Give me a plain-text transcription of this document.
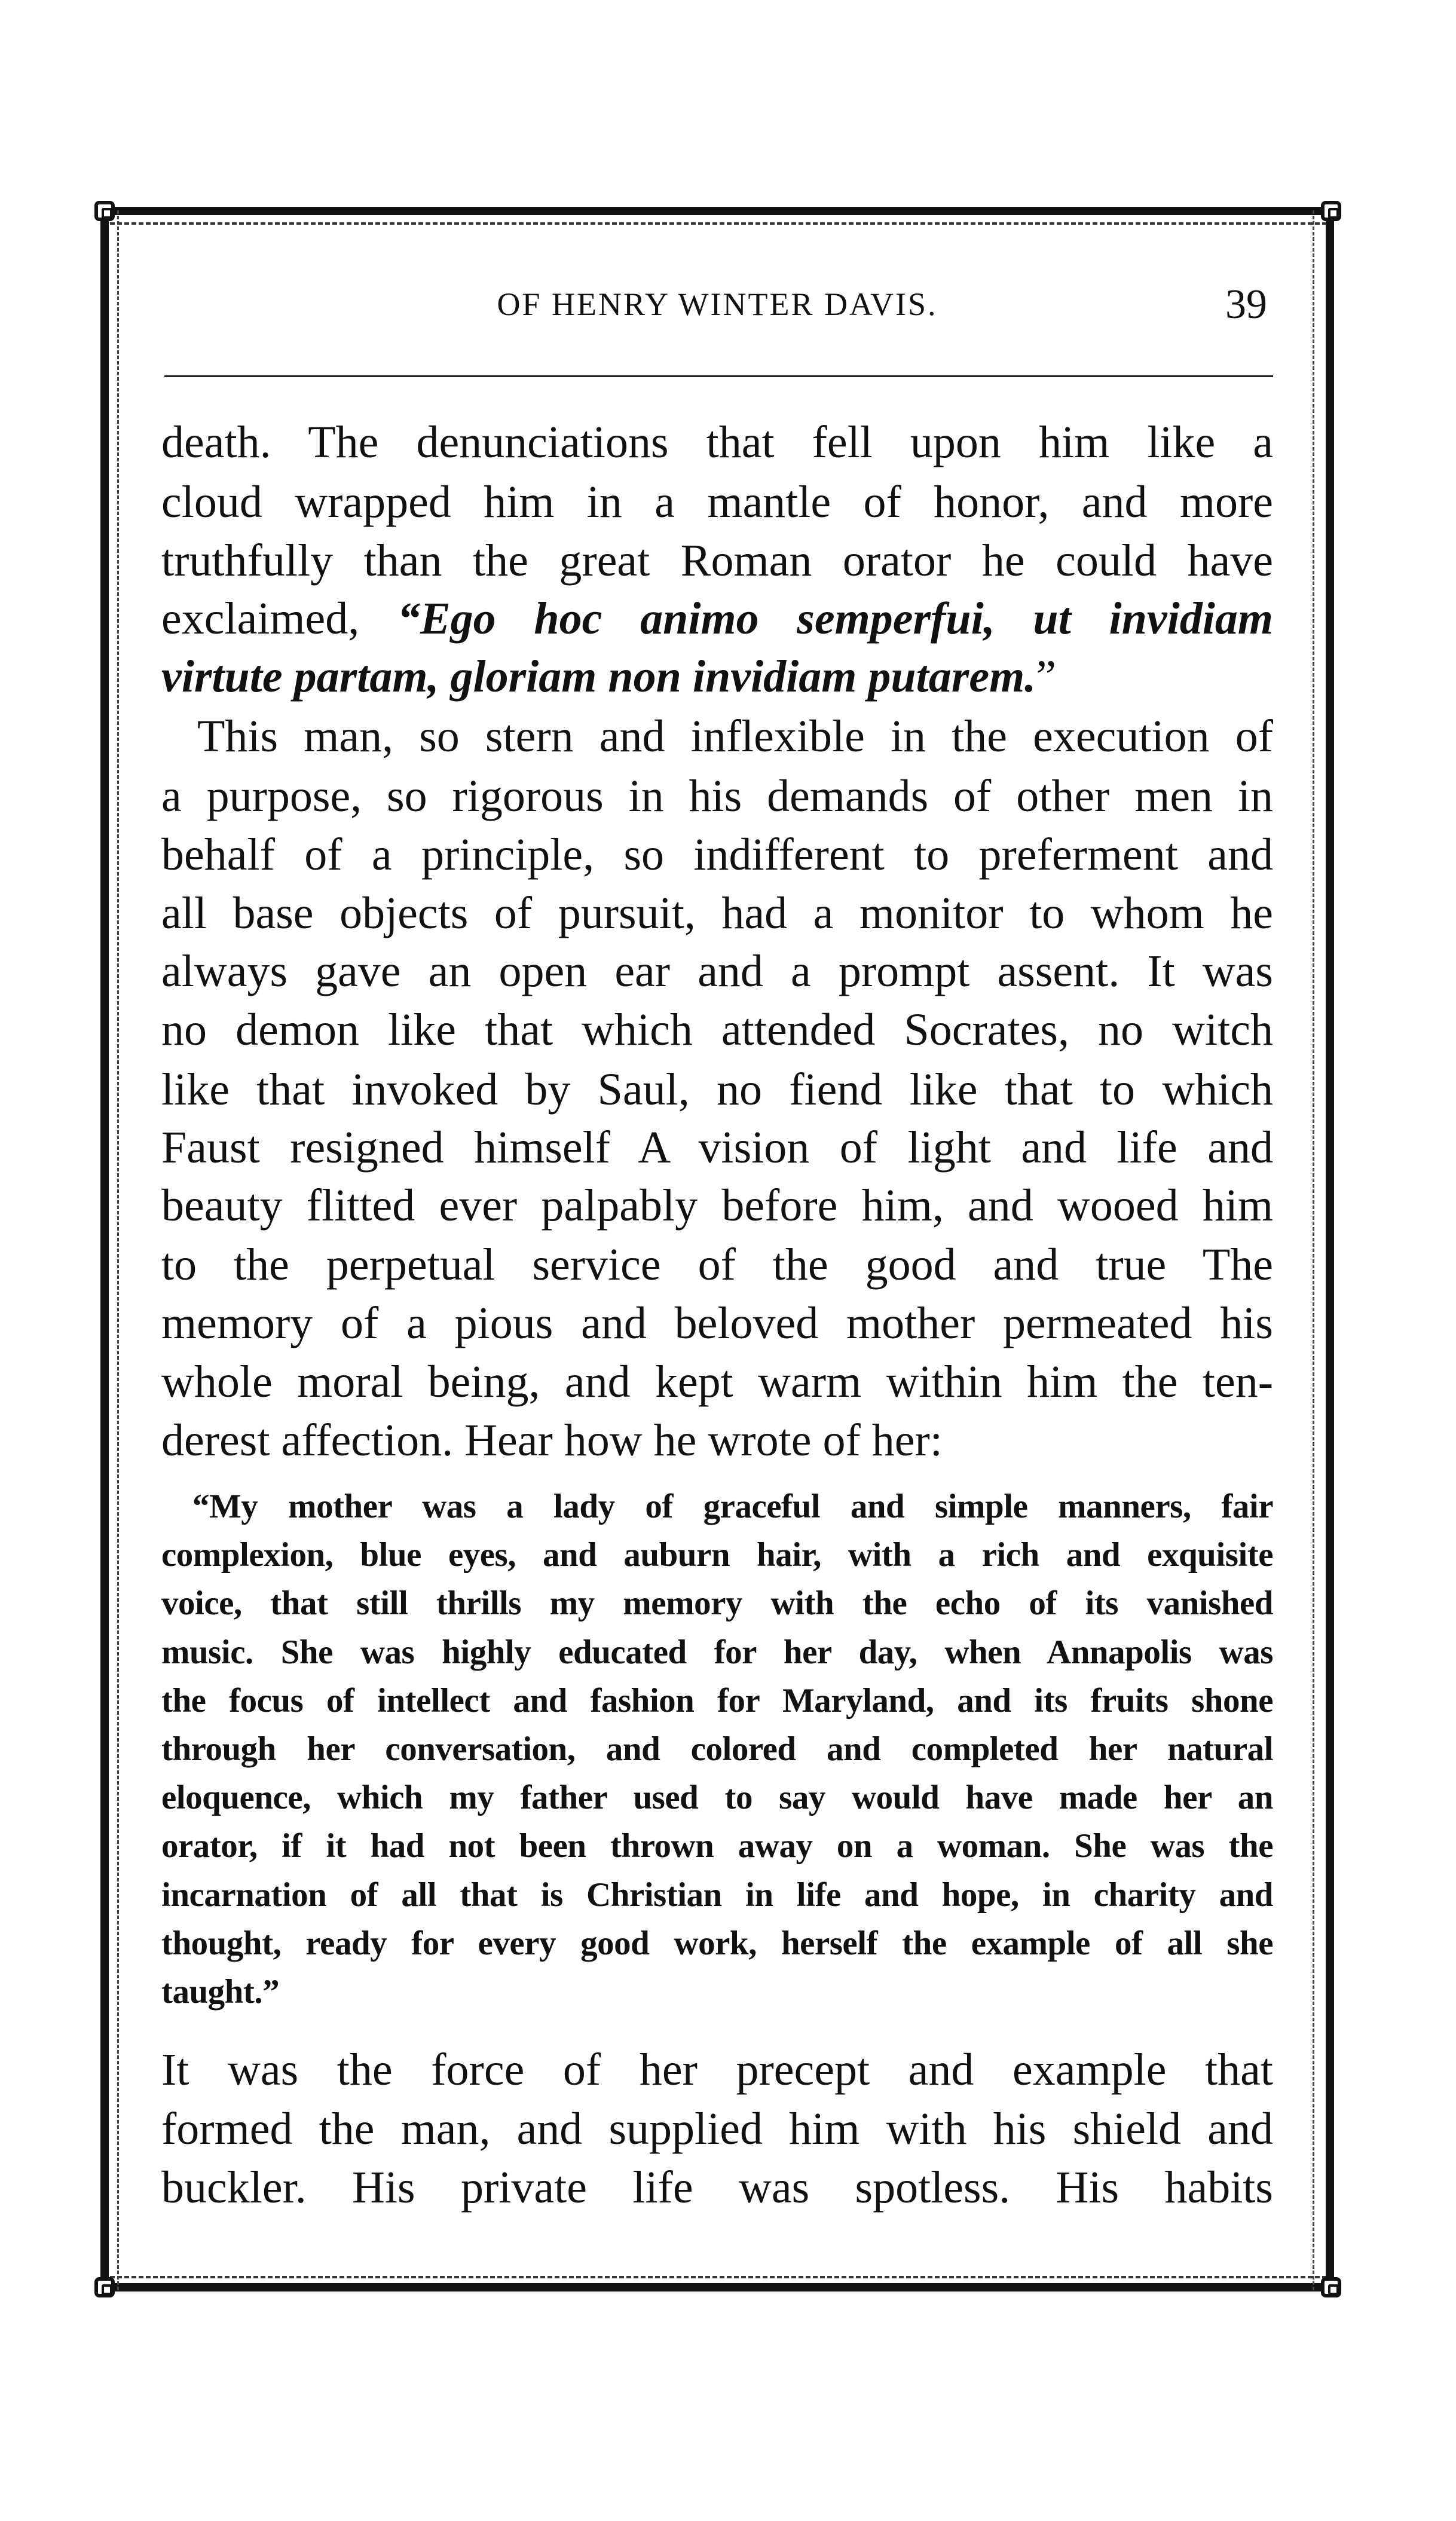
OF HENRY WINTER DAVIS.	39
death. The denunciations that fell upon him like a
cloud wrapped him in a mantle of honor, and more
truthfully than the great Roman orator he could have
exclaimed, “Ego hoc animo semperfui, ut invidiam
virtute partam, gloriam non invidiam putarem.”
This man, so stern and inflexible in the execution of
a purpose, so rigorous in his demands of other men in
behalf of a principle, so indifferent to preferment and
all base objects of pursuit, had a monitor to whom he
always gave an open ear and a prompt assent. It was
no demon like that which attended Socrates, no witch
like that invoked by Saul, no fiend like that to which
Faust resigned himself A vision of light and life and
beauty flitted ever palpably before him, and wooed him
to the perpetual service of the good and true The
memory of a pious and beloved mother permeated his
whole moral being, and kept warm within him the ten-
derest affection. Hear how he wrote of her:
“My mother was a lady of graceful and simple manners, fair
complexion, blue eyes, and auburn hair, with a rich and exquisite
voice, that still thrills my memory with the echo of its vanished
music. She was highly educated for her day, when Annapolis was
the focus of intellect and fashion for Maryland, and its fruits shone
through her conversation, and colored and completed her natural
eloquence, which my father used to say would have made her an
orator, if it had not been thrown away on a woman. She was the
incarnation of all that is Christian in life and hope, in charity and
thought, ready for every good work, herself the example of all she
taught.”
It was the force of her precept and example that
formed the man, and supplied him with his shield and
buckler. His private life was spotless. His habits
